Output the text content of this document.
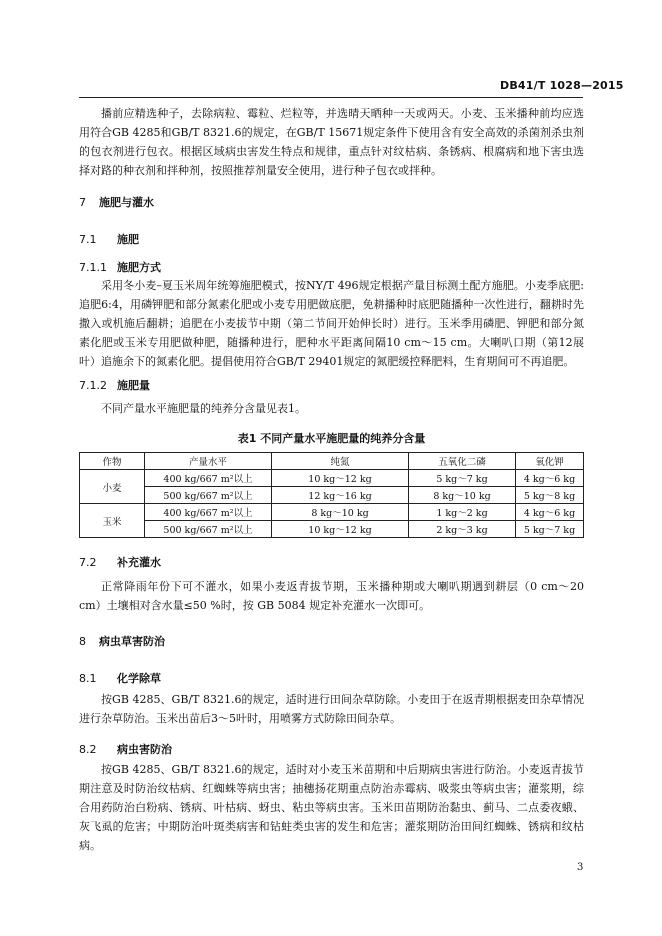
DB41/T 1028—2015

播前应精选种子，去除病粒、霉粒、烂粒等，并选晴天晒种一天或两天。小麦、玉米播种前均应选用符合GB 4285和GB/T 8321.6的规定，在GB/T 15671规定条件下使用含有安全高效的杀菌剂杀虫剂的包衣剂进行包衣。根据区域病虫害发生特点和规律，重点针对纹枯病、条锈病、根腐病和地下害虫选择对路的种衣剂和拌种剂，按照推荐剂量安全使用，进行种子包衣或拌种。

7 施肥与灌水
7.1 施肥
7.1.1 施肥方式

采用冬小麦–夏玉米周年统筹施肥模式，按NY/T 496规定根据产量目标测土配方施肥。小麦季底肥:追肥6:4，用磷钾肥和部分氮素化肥或小麦专用肥做底肥，免耕播种时底肥随播种一次性进行，翻耕时先撒入或机施后翻耕；追肥在小麦拔节中期（第二节间开始伸长时）进行。玉米季用磷肥、钾肥和部分氮素化肥或玉米专用肥做种肥，随播种进行，肥种水平距离间隔10 cm～15 cm。大喇叭口期（第12展叶）追施余下的氮素化肥。提倡使用符合GB/T 29401规定的氮肥缓控释肥料，生育期间可不再追肥。

7.1.2 施肥量

不同产量水平施肥量的纯养分含量见表1。

表1 不同产量水平施肥量的纯养分含量
作物	产量水平	纯氮	五氧化二磷	氧化钾
小麦	400 kg/667 m²以上	10 kg～12 kg	5 kg～7 kg	4 kg～6 kg
	500 kg/667 m²以上	12 kg～16 kg	8 kg～10 kg	5 kg～8 kg
玉米	400 kg/667 m²以上	8 kg～10 kg	1 kg～2 kg	4 kg～6 kg
	500 kg/667 m²以上	10 kg～12 kg	2 kg～3 kg	5 kg～7 kg
7.2 补充灌水

正常降雨年份下可不灌水，如果小麦返青拔节期，玉米播种期或大喇叭期遇到耕层（0 cm～20 cm）土壤相对含水量≤50 %时，按 GB 5084 规定补充灌水一次即可。

8 病虫草害防治
8.1 化学除草

按GB 4285、GB/T 8321.6的规定，适时进行田间杂草防除。小麦田于在返青期根据麦田杂草情况进行杂草防治。玉米出苗后3～5叶时，用喷雾方式防除田间杂草。

8.2 病虫害防治

按GB 4285、GB/T 8321.6的规定，适时对小麦玉米苗期和中后期病虫害进行防治。小麦返青拔节期注意及时防治纹枯病、红蜘蛛等病虫害；抽穗扬花期重点防治赤霉病、吸浆虫等病虫害；灌浆期，综合用药防治白粉病、锈病、叶枯病、蚜虫、粘虫等病虫害。玉米田苗期防治黏虫、蓟马、二点委夜蛾、灰飞虱的危害；中期防治叶斑类病害和钻蛀类虫害的发生和危害；灌浆期防治田间红蜘蛛、锈病和纹枯病。

3
